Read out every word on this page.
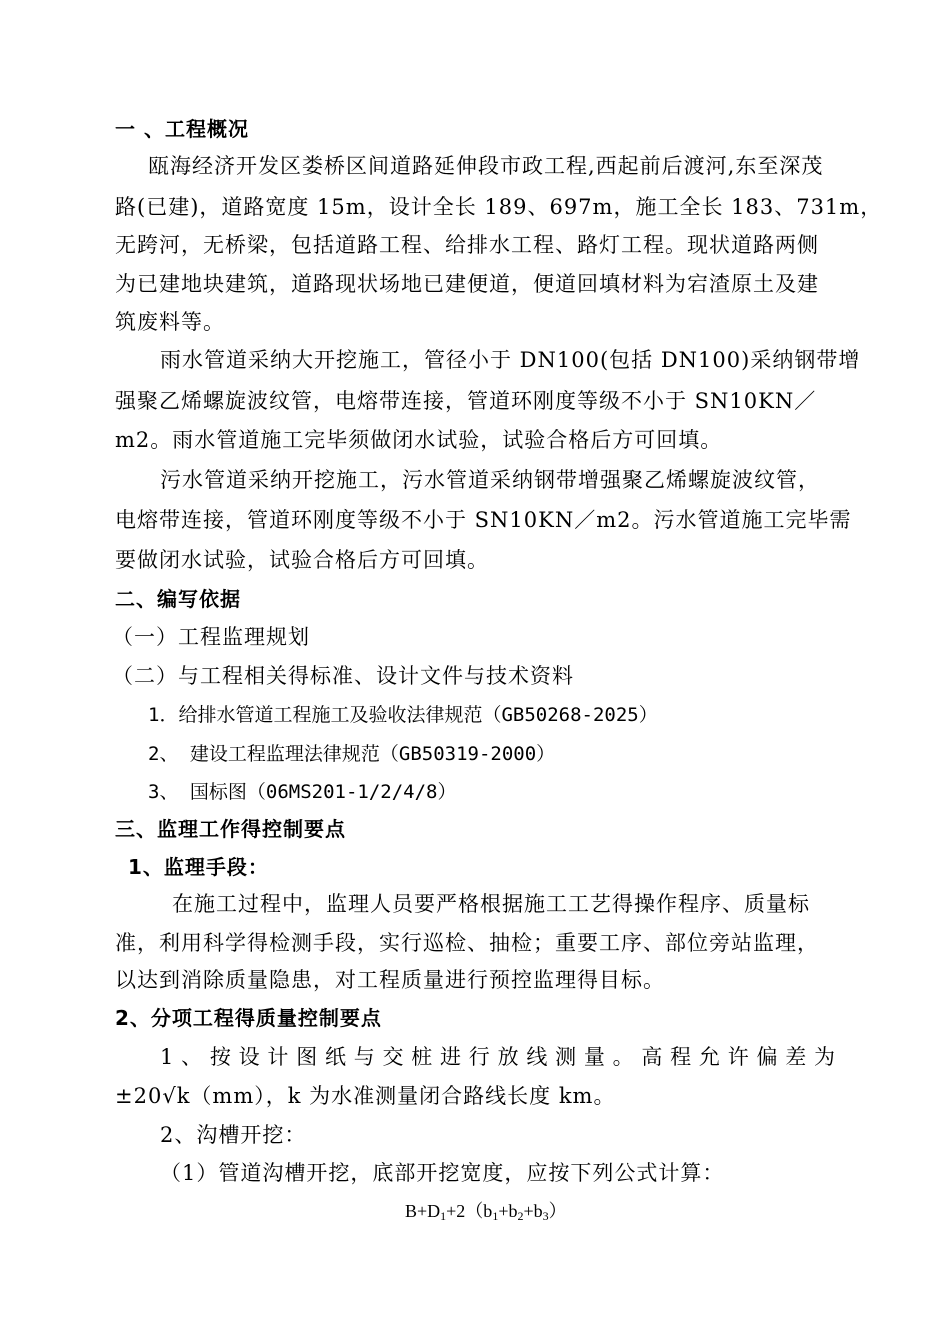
一 、工程概况
瓯海经济开发区娄桥区间道路延伸段市政工程,西起前后渡河,东至深茂
路(已建)，道路宽度 15m，设计全长 189、697m，施工全长 183、731m，
无跨河，无桥梁，包括道路工程、给排水工程、路灯工程。现状道路两侧
为已建地块建筑，道路现状场地已建便道，便道回填材料为宕渣原土及建
筑废料等。
雨水管道采纳大开挖施工，管径小于 DN100(包括 DN100)采纳钢带增
强聚乙烯螺旋波纹管，电熔带连接，管道环刚度等级不小于 SN10KN／
m2。雨水管道施工完毕须做闭水试验，试验合格后方可回填。
污水管道采纳开挖施工，污水管道采纳钢带增强聚乙烯螺旋波纹管，
电熔带连接，管道环刚度等级不小于 SN10KN／m2。污水管道施工完毕需
要做闭水试验，试验合格后方可回填。
二、编写依据
（一）工程监理规划
（二）与工程相关得标准、设计文件与技术资料
1．给排水管道工程施工及验收法律规范（GB50268-2025）
2、 建设工程监理法律规范（GB50319-2000）
3、 国标图（06MS201-1/2/4/8）
三、监理工作得控制要点
1、监理手段：
在施工过程中，监理人员要严格根据施工工艺得操作程序、质量标
准，利用科学得检测手段，实行巡检、抽检；重要工序、部位旁站监理，
以达到消除质量隐患，对工程质量进行预控监理得目标。
2、分项工程得质量控制要点
1、按设计图纸与交桩进行放线测量。高程允许偏差为
±20√k（mm），k 为水准测量闭合路线长度 km。
2、沟槽开挖：
（1）管道沟槽开挖，底部开挖宽度，应按下列公式计算：
$B+D_1+2(b_1+b_2+b_3)$
